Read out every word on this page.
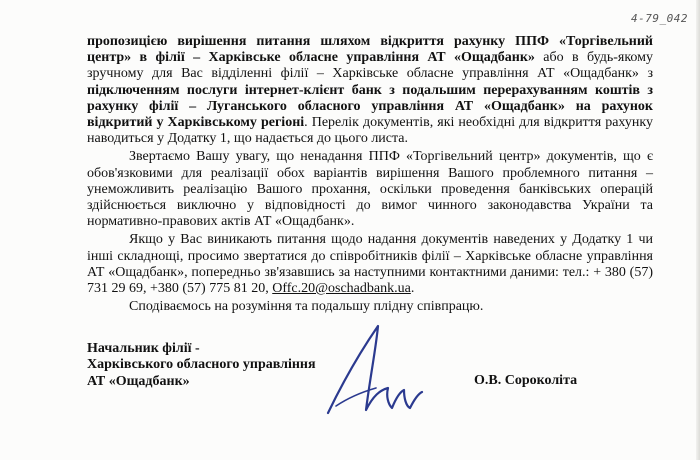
4-79_042

пропозицією вирішення питання шляхом відкриття рахунку ППФ «Торгівельний центр» в філії – Харківське обласне управління АТ «Ощадбанк» або в будь-якому зручному для Вас відділенні філії – Харківське обласне управління АТ «Ощадбанк» з підключенням послуги інтернет-клієнт банк з подальшим перерахуванням коштів з рахунку філії – Луганського обласного управління АТ «Ощадбанк» на рахунок відкритий у Харківському регіоні. Перелік документів, які необхідні для відкриття рахунку наводиться у Додатку 1, що надається до цього листа.

Звертаємо Вашу увагу, що ненадання ППФ «Торгівельний центр» документів, що є обов'язковими для реалізації обох варіантів вирішення Вашого проблемного питання – унеможливить реалізацію Вашого прохання, оскільки проведення банківських операцій здійснюється виключно у відповідності до вимог чинного законодавства України та нормативно-правових актів АТ «Ощадбанк».

Якщо у Вас виникають питання щодо надання документів наведених у Додатку 1 чи інші складнощі, просимо звертатися до співробітників філії – Харківське обласне управління АТ «Ощадбанк», попередньо зв'язавшись за наступними контактними даними: тел.: + 380 (57) 731 29 69, +380 (57) 775 81 20, Offc.20@oschadbank.ua.

Сподіваємось на розуміння та подальшу плідну співпрацю.

Начальник філії -
Харківського обласного управління
АТ «Ощадбанк»	О.В. Сороколіта
